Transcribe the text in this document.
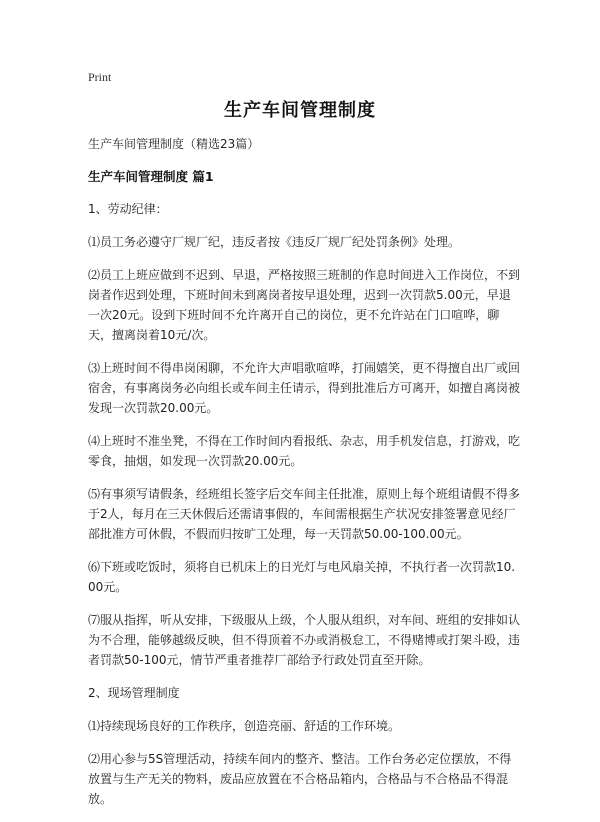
Print
生产车间管理制度
生产车间管理制度（精选23篇）
生产车间管理制度 篇1
1、劳动纪律：
⑴员工务必遵守厂规厂纪，违反者按《违反厂规厂纪处罚条例》处理。
⑵员工上班应做到不迟到、早退，严格按照三班制的作息时间进入工作岗位，不到岗者作迟到处理，下班时间未到离岗者按早退处理，迟到一次罚款5.00元，早退一次20元。设到下班时间不允许离开自己的岗位，更不允许站在门口喧哗，聊天，擅离岗着10元/次。
⑶上班时间不得串岗闲聊，不允许大声唱歌喧哗，打闹嬉笑，更不得擅自出厂或回宿舍，有事离岗务必向组长或车间主任请示，得到批准后方可离开，如擅自离岗被发现一次罚款20.00元。
⑷上班时不准坐凳，不得在工作时间内看报纸、杂志，用手机发信息，打游戏，吃零食，抽烟，如发现一次罚款20.00元。
⑸有事须写请假条，经班组长签字后交车间主任批准，原则上每个班组请假不得多于2人，每月在三天休假后还需请事假的，车间需根据生产状况安排签署意见经厂部批准方可休假，不假而归按旷工处理，每一天罚款50.00-100.00元。
⑹下班或吃饭时，须将自已机床上的日光灯与电风扇关掉，不执行者一次罚款10.00元。
⑺服从指挥，听从安排，下级服从上级，个人服从组织，对车间、班组的安排如认为不合理，能够越级反映，但不得顶着不办或消极怠工，不得赌博或打架斗殴，违者罚款50-100元，情节严重者推荐厂部给予行政处罚直至开除。
2、现场管理制度
⑴持续现场良好的工作秩序，创造亮丽、舒适的工作环境。
⑵用心参与5S管理活动，持续车间内的整齐、整洁。工作台务必定位摆放，不得放置与生产无关的物料，废品应放置在不合格品箱内，合格品与不合格品不得混放。
